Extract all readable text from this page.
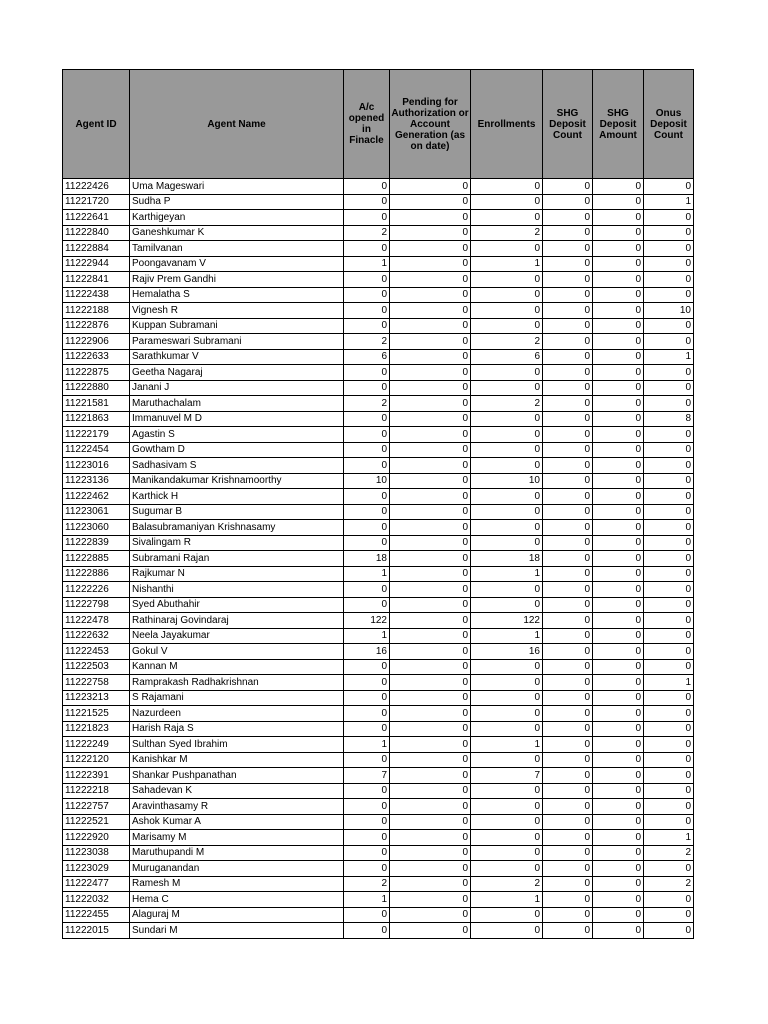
Agent ID	Agent Name	A/c opened in Finacle	Pending for Authorization or Account Generation (as on date)	Enrollments	SHG Deposit Count	SHG Deposit Amount	Onus Deposit Count
11222426	Uma Mageswari	0	0	0	0	0	0
11221720	Sudha P	0	0	0	0	0	1
11222641	Karthigeyan	0	0	0	0	0	0
11222840	Ganeshkumar K	2	0	2	0	0	0
11222884	Tamilvanan	0	0	0	0	0	0
11222944	Poongavanam V	1	0	1	0	0	0
11222841	Rajiv Prem Gandhi	0	0	0	0	0	0
11222438	Hemalatha S	0	0	0	0	0	0
11222188	Vignesh R	0	0	0	0	0	10
11222876	Kuppan Subramani	0	0	0	0	0	0
11222906	Parameswari Subramani	2	0	2	0	0	0
11222633	Sarathkumar V	6	0	6	0	0	1
11222875	Geetha Nagaraj	0	0	0	0	0	0
11222880	Janani J	0	0	0	0	0	0
11221581	Maruthachalam	2	0	2	0	0	0
11221863	Immanuvel M D	0	0	0	0	0	8
11222179	Agastin S	0	0	0	0	0	0
11222454	Gowtham D	0	0	0	0	0	0
11223016	Sadhasivam S	0	0	0	0	0	0
11223136	Manikandakumar Krishnamoorthy	10	0	10	0	0	0
11222462	Karthick H	0	0	0	0	0	0
11223061	Sugumar B	0	0	0	0	0	0
11223060	Balasubramaniyan Krishnasamy	0	0	0	0	0	0
11222839	Sivalingam R	0	0	0	0	0	0
11222885	Subramani Rajan	18	0	18	0	0	0
11222886	Rajkumar N	1	0	1	0	0	0
11222226	Nishanthi	0	0	0	0	0	0
11222798	Syed Abuthahir	0	0	0	0	0	0
11222478	Rathinaraj Govindaraj	122	0	122	0	0	0
11222632	Neela Jayakumar	1	0	1	0	0	0
11222453	Gokul V	16	0	16	0	0	0
11222503	Kannan M	0	0	0	0	0	0
11222758	Ramprakash Radhakrishnan	0	0	0	0	0	1
11223213	S Rajamani	0	0	0	0	0	0
11221525	Nazurdeen	0	0	0	0	0	0
11221823	Harish Raja S	0	0	0	0	0	0
11222249	Sulthan Syed Ibrahim	1	0	1	0	0	0
11222120	Kanishkar M	0	0	0	0	0	0
11222391	Shankar Pushpanathan	7	0	7	0	0	0
11222218	Sahadevan K	0	0	0	0	0	0
11222757	Aravinthasamy R	0	0	0	0	0	0
11222521	Ashok Kumar A	0	0	0	0	0	0
11222920	Marisamy M	0	0	0	0	0	1
11223038	Maruthupandi M	0	0	0	0	0	2
11223029	Muruganandan	0	0	0	0	0	0
11222477	Ramesh M	2	0	2	0	0	2
11222032	Hema C	1	0	1	0	0	0
11222455	Alaguraj M	0	0	0	0	0	0
11222015	Sundari M	0	0	0	0	0	0
